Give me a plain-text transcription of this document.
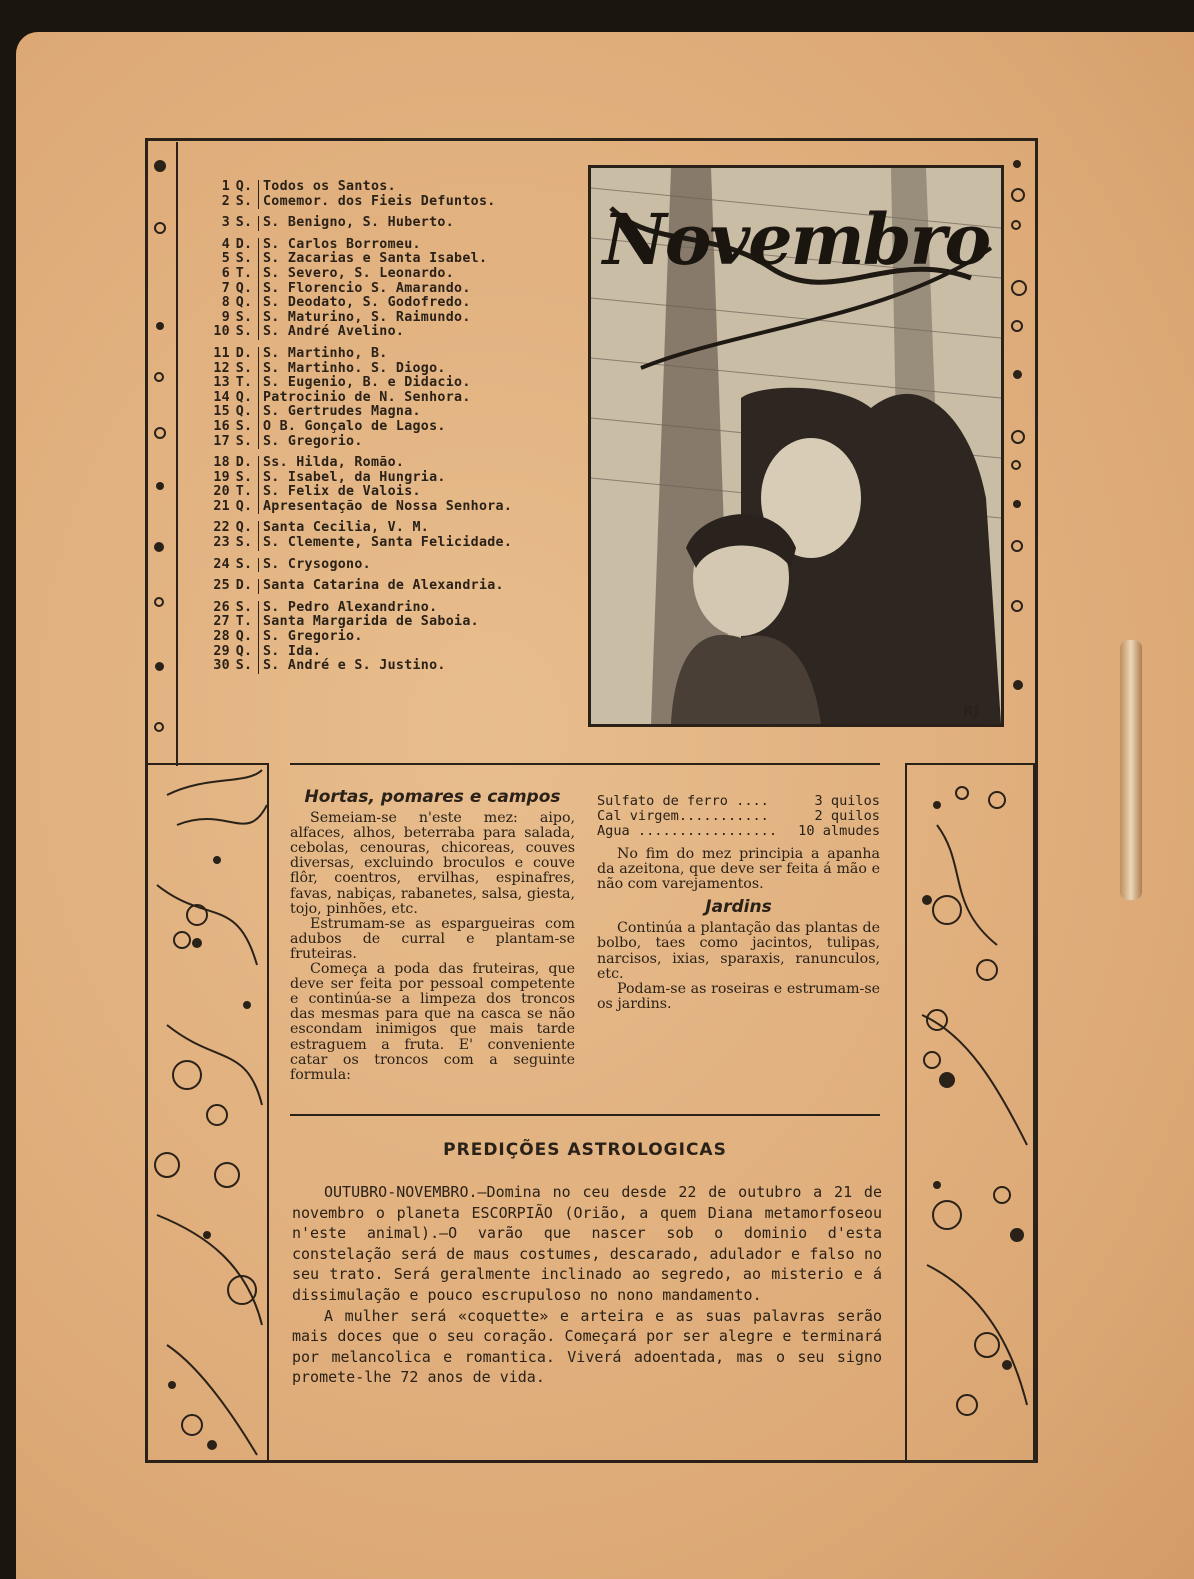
1 Q. Todos os Santos.
2 S. Comemor. dos Fieis Defuntos.
3 S. S. Benigno, S. Huberto.
4 D. S. Carlos Borromeu.
5 S. S. Zacarias e Santa Isabel.
6 T. S. Severo, S. Leonardo.
7 Q. S. Florencio S. Amarando.
8 Q. S. Deodato, S. Godofredo.
9 S. S. Maturino, S. Raimundo.
10 S. S. André Avelino.
11 D. S. Martinho, B.
12 S. S. Martinho. S. Diogo.
13 T. S. Eugenio, B. e Didacio.
14 Q. Patrocinio de N. Senhora.
15 Q. S. Gertrudes Magna.
16 S. O B. Gonçalo de Lagos.
17 S. S. Gregorio.
18 D. Ss. Hilda, Romão.
19 S. S. Isabel, da Hungria.
20 T. S. Felix de Valois.
21 Q. Apresentação de Nossa Senhora.
22 Q. Santa Cecilia, V. M.
23 S. S. Clemente, Santa Felicidade.
24 S. S. Crysogono.
25 D. Santa Catarina de Alexandria.
26 S. S. Pedro Alexandrino.
27 T. Santa Margarida de Saboia.
28 Q. S. Gregorio.
29 Q. S. Ida.
30 S. S. André e S. Justino.
Novembro
RJ
Hortas, pomares e campos

Semeiam-se n'este mez: aipo, alfaces, alhos, beterraba para salada, cebolas, cenouras, chicoreas, couves diversas, excluindo broculos e couve flôr, coentros, ervilhas, espinafres, favas, nabiças, rabanetes, salsa, giesta, tojo, pinhões, etc.

Estrumam-se as espargueiras com adubos de curral e plantam-se fruteiras.

Começa a poda das fruteiras, que deve ser feita por pessoal competente e continúa-se a limpeza dos troncos das mesmas para que na casca se não escondam inimigos que mais tarde estraguem a fruta. E' conveniente catar os troncos com a seguinte formula:

Sulfato de ferro ....	3 quilos
Cal virgem...........	2 quilos
Agua ................. 10 almudes

No fim do mez principia a apanha da azeitona, que deve ser feita á mão e não com varejamentos.

Jardins

Continúa a plantação das plantas de bolbo, taes como jacintos, tulipas, narcisos, ixias, sparaxis, ranunculos, etc.

Podam-se as roseiras e estrumam-se os jardins.

PREDIÇÕES ASTROLOGICAS

OUTUBRO-NOVEMBRO.—Domina no ceu desde 22 de outubro a 21 de novembro o planeta ESCORPIÃO (Orião, a quem Diana metamorfoseou n'este animal).—O varão que nascer sob o dominio d'esta constelação será de maus costumes, descarado, adulador e falso no seu trato. Será geralmente inclinado ao segredo, ao misterio e á dissimulação e pouco escrupuloso no nono mandamento.

A mulher será «coquette» e arteira e as suas palavras serão mais doces que o seu coração. Começará por ser alegre e terminará por melancolica e romantica. Viverá adoentada, mas o seu signo promete-lhe 72 anos de vida.
